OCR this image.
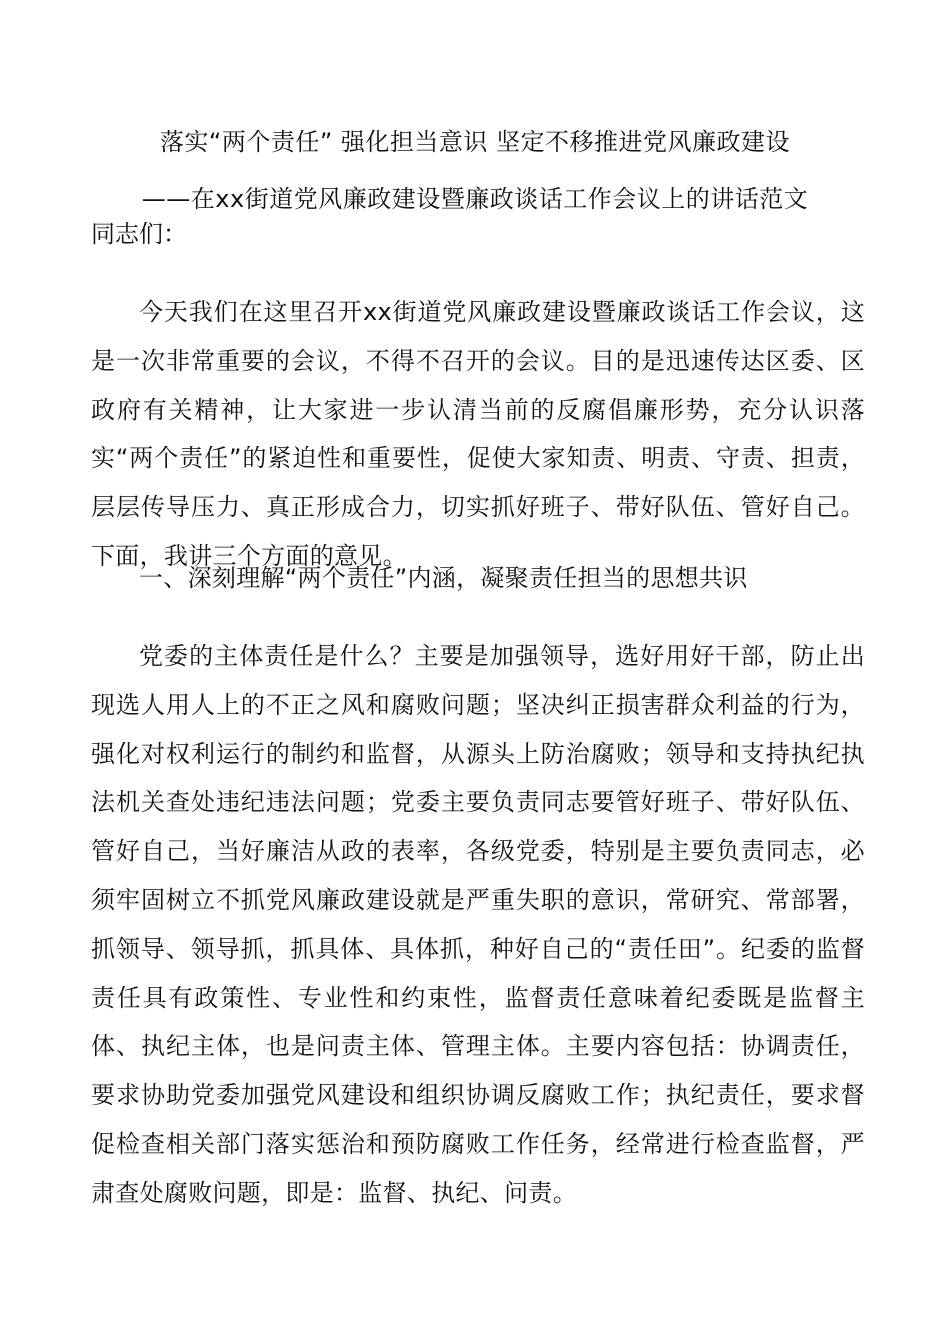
落实“两个责任” 强化担当意识 坚定不移推进党风廉政建设
——在xx街道党风廉政建设暨廉政谈话工作会议上的讲话范文
同志们：
今天我们在这里召开xx街道党风廉政建设暨廉政谈话工作会议，这是一次非常重要的会议，不得不召开的会议。目的是迅速传达区委、区政府有关精神，让大家进一步认清当前的反腐倡廉形势，充分认识落实“两个责任”的紧迫性和重要性，促使大家知责、明责、守责、担责，层层传导压力、真正形成合力，切实抓好班子、带好队伍、管好自己。下面，我讲三个方面的意见。
一、深刻理解“两个责任”内涵，凝聚责任担当的思想共识
党委的主体责任是什么？主要是加强领导，选好用好干部，防止出现选人用人上的不正之风和腐败问题；坚决纠正损害群众利益的行为，强化对权利运行的制约和监督，从源头上防治腐败；领导和支持执纪执法机关查处违纪违法问题；党委主要负责同志要管好班子、带好队伍、管好自己，当好廉洁从政的表率，各级党委，特别是主要负责同志，必须牢固树立不抓党风廉政建设就是严重失职的意识，常研究、常部署，抓领导、领导抓，抓具体、具体抓，种好自己的“责任田”。纪委的监督责任具有政策性、专业性和约束性，监督责任意味着纪委既是监督主体、执纪主体，也是问责主体、管理主体。主要内容包括：协调责任，要求协助党委加强党风建设和组织协调反腐败工作；执纪责任，要求督促检查相关部门落实惩治和预防腐败工作任务，经常进行检查监督，严肃查处腐败问题，即是：监督、执纪、问责。
